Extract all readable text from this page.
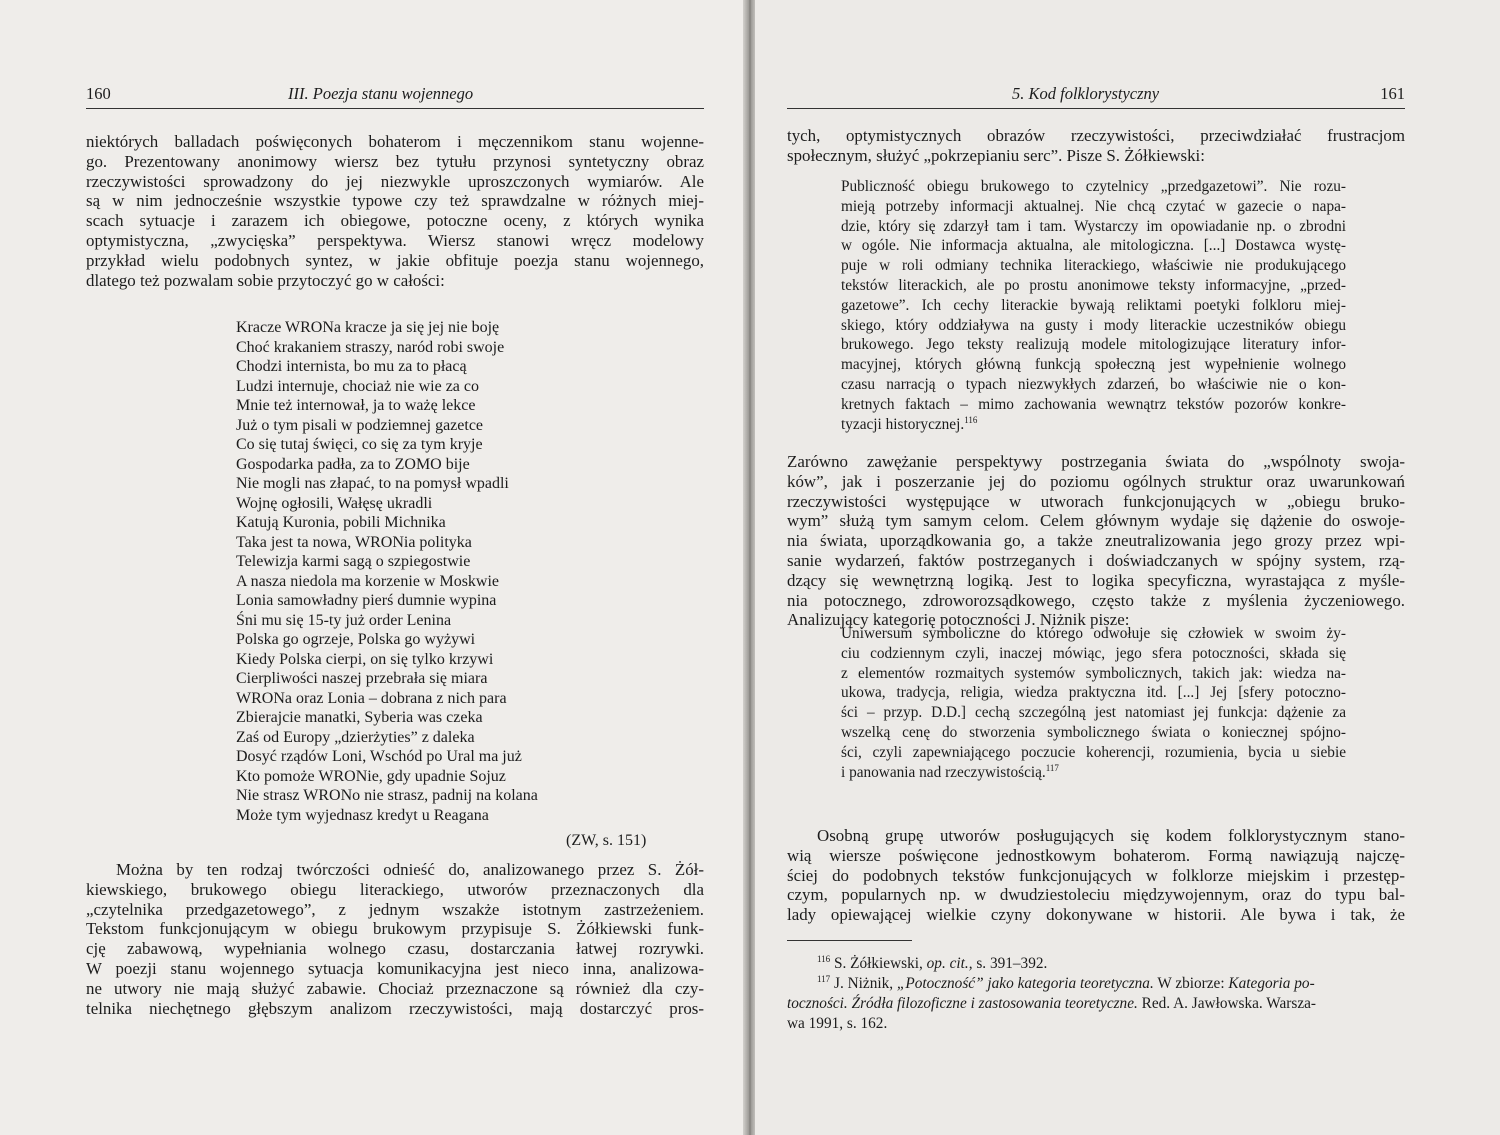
160	III. Poezja stanu wojennego

niektórych balladach poświęconych bohaterom i męczennikom stanu wojenne-
go. Prezentowany anonimowy wiersz bez tytułu przynosi syntetyczny obraz
rzeczywistości sprowadzony do jej niezwykle uproszczonych wymiarów. Ale
są w nim jednocześnie wszystkie typowe czy też sprawdzalne w różnych miej-
scach sytuacje i zarazem ich obiegowe, potoczne oceny, z których wynika
optymistyczna, „zwycięska” perspektywa. Wiersz stanowi wręcz modelowy
przykład wielu podobnych syntez, w jakie obfituje poezja stanu wojennego,
dlatego też pozwalam sobie przytoczyć go w całości:

Kracze WRONa kracze ja się jej nie boję
Choć krakaniem straszy, naród robi swoje
Chodzi internista, bo mu za to płacą
Ludzi internuje, chociaż nie wie za co
Mnie też internował, ja to ważę lekce
Już o tym pisali w podziemnej gazetce
Co się tutaj święci, co się za tym kryje
Gospodarka padła, za to ZOMO bije
Nie mogli nas złapać, to na pomysł wpadli
Wojnę ogłosili, Wałęsę ukradli
Katują Kuronia, pobili Michnika
Taka jest ta nowa, WRONia polityka
Telewizja karmi sagą o szpiegostwie
A nasza niedola ma korzenie w Moskwie
Lonia samowładny pierś dumnie wypina
Śni mu się 15-ty już order Lenina
Polska go ogrzeje, Polska go wyżywi
Kiedy Polska cierpi, on się tylko krzywi
Cierpliwości naszej przebrała się miara
WRONa oraz Lonia – dobrana z nich para
Zbierajcie manatki, Syberia was czeka
Zaś od Europy „dzierżyties” z daleka
Dosyć rządów Loni, Wschód po Ural ma już
Kto pomoże WRONie, gdy upadnie Sojuz
Nie strasz WRONo nie strasz, padnij na kolana
Może tym wyjednasz kredyt u Reagana
(ZW, s. 151)

Można by ten rodzaj twórczości odnieść do, analizowanego przez S. Żół-
kiewskiego, brukowego obiegu literackiego, utworów przeznaczonych dla
„czytelnika przedgazetowego”, z jednym wszakże istotnym zastrzeżeniem.
Tekstom funkcjonującym w obiegu brukowym przypisuje S. Żółkiewski funk-
cję zabawową, wypełniania wolnego czasu, dostarczania łatwej rozrywki.
W poezji stanu wojennego sytuacja komunikacyjna jest nieco inna, analizowa-
ne utwory nie mają służyć zabawie. Chociaż przeznaczone są również dla czy-
telnika niechętnego głębszym analizom rzeczywistości, mają dostarczyć pros-

5. Kod folklorystyczny	161

tych, optymistycznych obrazów rzeczywistości, przeciwdziałać frustracjom
społecznym, służyć „pokrzepianiu serc”. Pisze S. Żółkiewski:

Publiczność obiegu brukowego to czytelnicy „przedgazetowi”. Nie rozu-
mieją potrzeby informacji aktualnej. Nie chcą czytać w gazecie o napa-
dzie, który się zdarzył tam i tam. Wystarczy im opowiadanie np. o zbrodni
w ogóle. Nie informacja aktualna, ale mitologiczna. [...] Dostawca wystę-
puje w roli odmiany technika literackiego, właściwie nie produkującego
tekstów literackich, ale po prostu anonimowe teksty informacyjne, „przed-
gazetowe”. Ich cechy literackie bywają reliktami poetyki folkloru miej-
skiego, który oddziaływa na gusty i mody literackie uczestników obiegu
brukowego. Jego teksty realizują modele mitologizujące literatury infor-
macyjnej, których główną funkcją społeczną jest wypełnienie wolnego
czasu narracją o typach niezwykłych zdarzeń, bo właściwie nie o kon-
kretnych faktach – mimo zachowania wewnątrz tekstów pozorów konkre-
tyzacji historycznej.$^{116}$

Zarówno zawężanie perspektywy postrzegania świata do „wspólnoty swoja-
ków”, jak i poszerzanie jej do poziomu ogólnych struktur oraz uwarunkowań
rzeczywistości występujące w utworach funkcjonujących w „obiegu bruko-
wym” służą tym samym celom. Celem głównym wydaje się dążenie do oswoje-
nia świata, uporządkowania go, a także zneutralizowania jego grozy przez wpi-
sanie wydarzeń, faktów postrzeganych i doświadczanych w spójny system, rzą-
dzący się wewnętrzną logiką. Jest to logika specyficzna, wyrastająca z myśle-
nia potocznego, zdroworozsądkowego, często także z myślenia życzeniowego.
Analizujący kategorię potoczności J. Niżnik pisze:

Uniwersum symboliczne do którego odwołuje się człowiek w swoim ży-
ciu codziennym czyli, inaczej mówiąc, jego sfera potoczności, składa się
z elementów rozmaitych systemów symbolicznych, takich jak: wiedza na-
ukowa, tradycja, religia, wiedza praktyczna itd. [...] Jej [sfery potoczno-
ści – przyp. D.D.] cechą szczególną jest natomiast jej funkcja: dążenie za
wszelką cenę do stworzenia symbolicznego świata o koniecznej spójno-
ści, czyli zapewniającego poczucie koherencji, rozumienia, bycia u siebie
i panowania nad rzeczywistością.$^{117}$

Osobną grupę utworów posługujących się kodem folklorystycznym stano-
wią wiersze poświęcone jednostkowym bohaterom. Formą nawiązują najczę-
ściej do podobnych tekstów funkcjonujących w folklorze miejskim i przestęp-
czym, popularnych np. w dwudziestoleciu międzywojennym, oraz do typu bal-
lady opiewającej wielkie czyny dokonywane w historii. Ale bywa i tak, że

$^{116}$ S. Żółkiewski, op. cit., s. 391–392.
$^{117}$ J. Niżnik, „Potoczność” jako kategoria teoretyczna. W zbiorze: Kategoria po-
toczności. Źródła filozoficzne i zastosowania teoretyczne. Red. A. Jawłowska. Warsza-
wa 1991, s. 162.
